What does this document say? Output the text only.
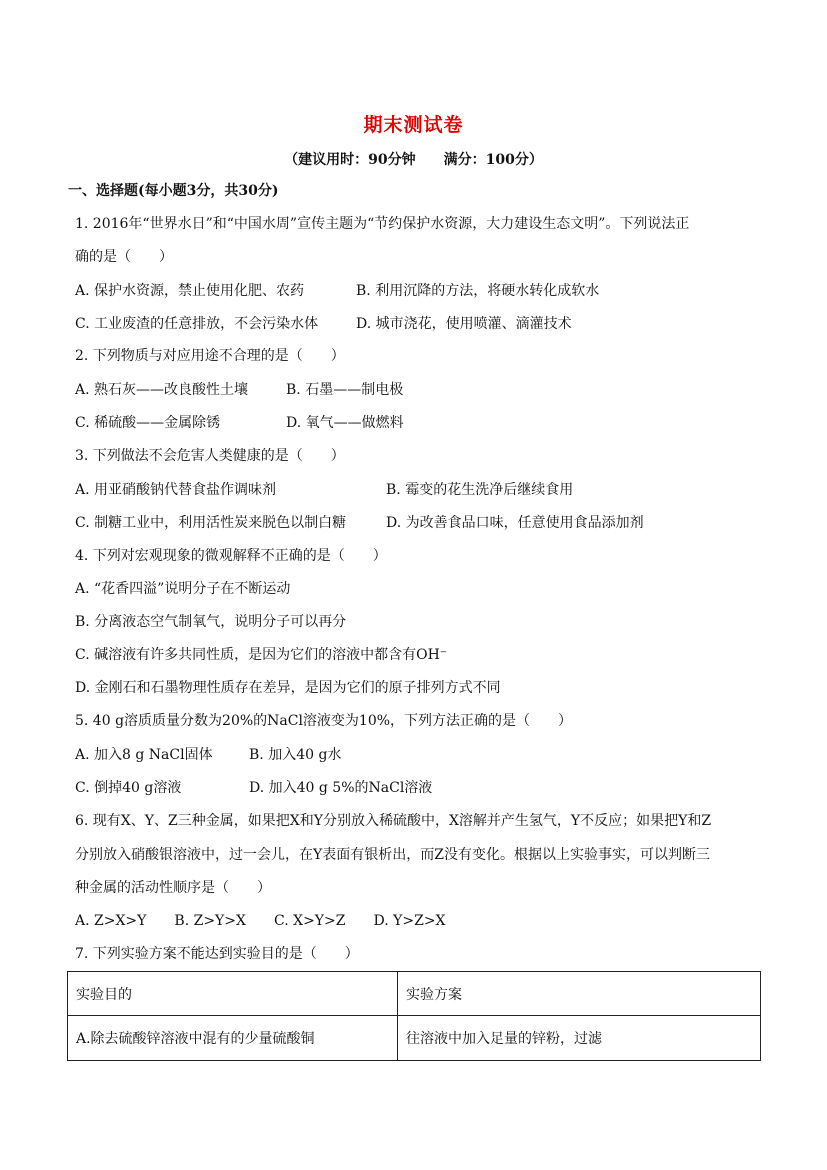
期末测试卷
（建议用时：90分钟 满分：100分）
一、选择题(每小题3分，共30分)
1. 2016年“世界水日”和“中国水周”宣传主题为“节约保护水资源，大力建设生态文明”。下列说法正
确的是（　　）
A. 保护水资源，禁止使用化肥、农药	B. 利用沉降的方法，将硬水转化成软水
C. 工业废渣的任意排放，不会污染水体	D. 城市浇花，使用喷灌、滴灌技术
2. 下列物质与对应用途不合理的是（　　）
A. 熟石灰——改良酸性土壤	B. 石墨——制电极
C. 稀硫酸——金属除锈	D. 氧气——做燃料
3. 下列做法不会危害人类健康的是（　　）
A. 用亚硝酸钠代替食盐作调味剂	B. 霉变的花生洗净后继续食用
C. 制糖工业中，利用活性炭来脱色以制白糖	D. 为改善食品口味，任意使用食品添加剂
4. 下列对宏观现象的微观解释不正确的是（　　）
A. “花香四溢”说明分子在不断运动
B. 分离液态空气制氧气，说明分子可以再分
C. 碱溶液有许多共同性质，是因为它们的溶液中都含有OH⁻
D. 金刚石和石墨物理性质存在差异，是因为它们的原子排列方式不同
5. 40 g溶质质量分数为20%的NaCl溶液变为10%，下列方法正确的是（　　）
A. 加入8 g NaCl固体	B. 加入40 g水
C. 倒掉40 g溶液	D. 加入40 g 5%的NaCl溶液
6. 现有X、Y、Z三种金属，如果把X和Y分别放入稀硫酸中，X溶解并产生氢气，Y不反应；如果把Y和Z
分别放入硝酸银溶液中，过一会儿，在Y表面有银析出，而Z没有变化。根据以上实验事实，可以判断三
种金属的活动性顺序是（　　）
A. Z>X>Y　　B. Z>Y>X　　C. X>Y>Z　　D. Y>Z>X
7. 下列实验方案不能达到实验目的是（　　）
实验目的	实验方案
A.除去硫酸锌溶液中混有的少量硫酸铜	往溶液中加入足量的锌粉，过滤
